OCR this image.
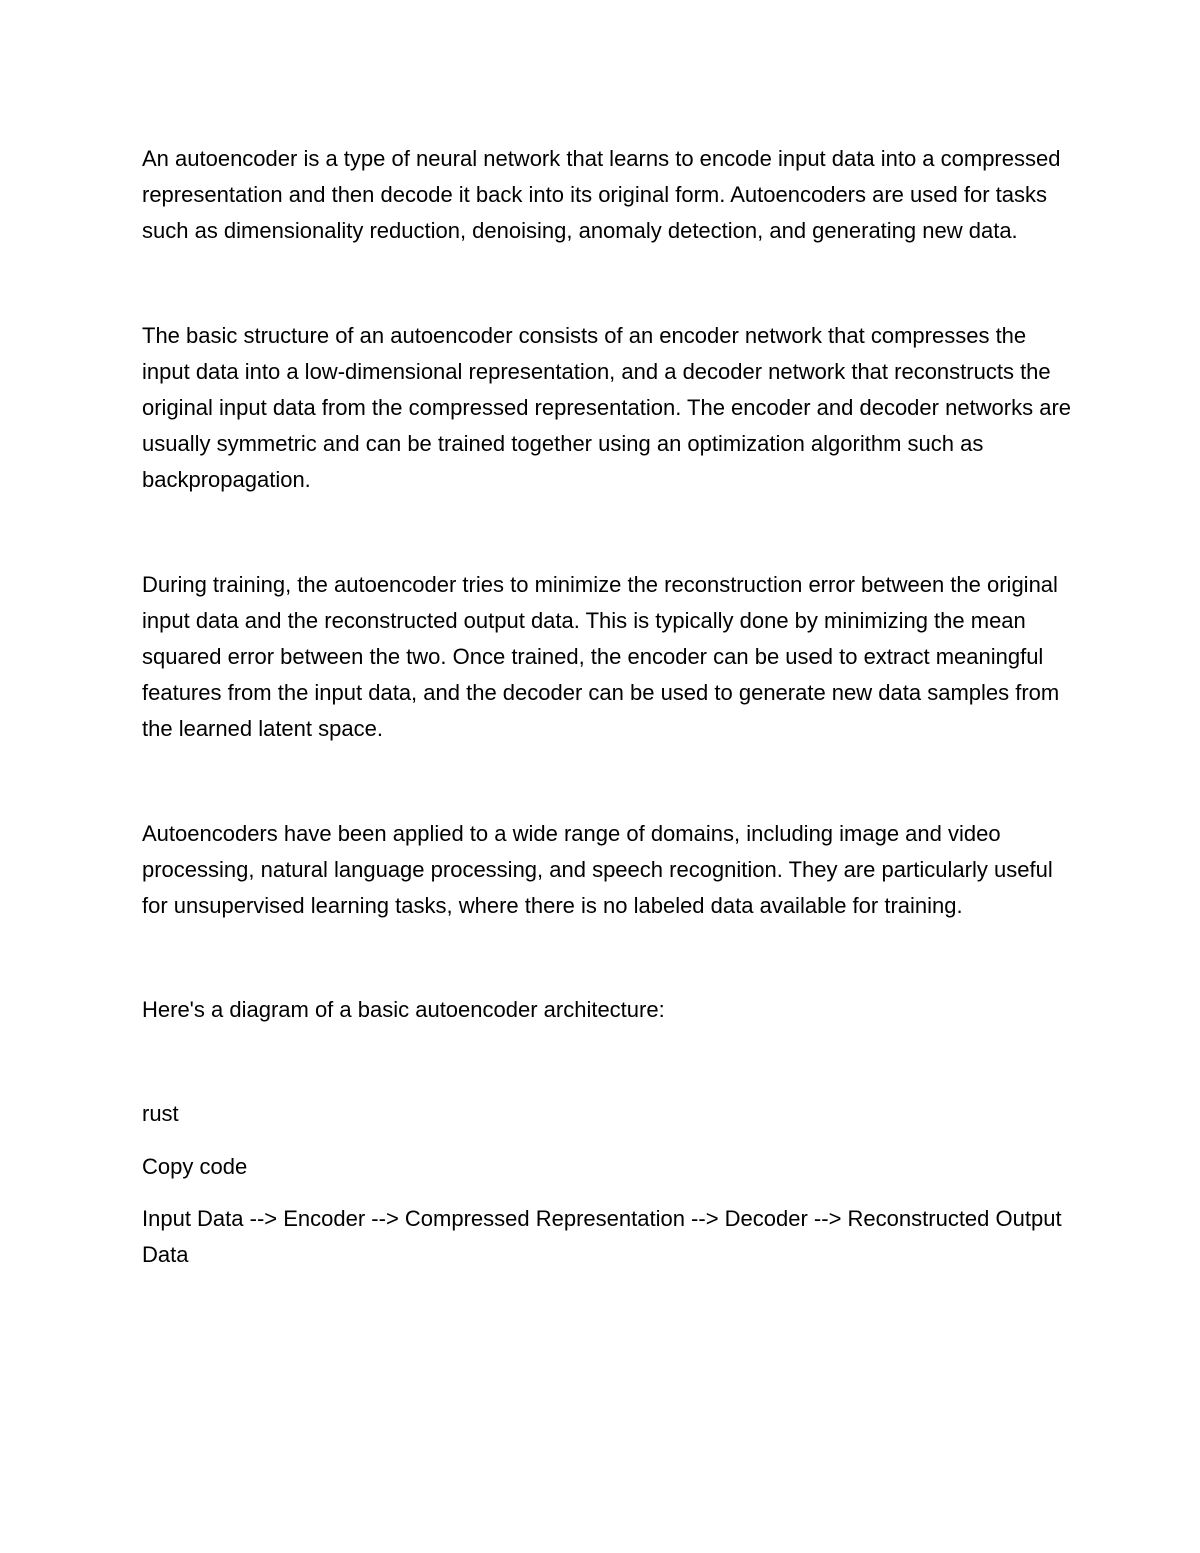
An autoencoder is a type of neural network that learns to encode input data into a compressed representation and then decode it back into its original form. Autoencoders are used for tasks such as dimensionality reduction, denoising, anomaly detection, and generating new data.

The basic structure of an autoencoder consists of an encoder network that compresses the input data into a low-dimensional representation, and a decoder network that reconstructs the original input data from the compressed representation. The encoder and decoder networks are usually symmetric and can be trained together using an optimization algorithm such as backpropagation.

During training, the autoencoder tries to minimize the reconstruction error between the original input data and the reconstructed output data. This is typically done by minimizing the mean squared error between the two. Once trained, the encoder can be used to extract meaningful features from the input data, and the decoder can be used to generate new data samples from the learned latent space.

Autoencoders have been applied to a wide range of domains, including image and video processing, natural language processing, and speech recognition. They are particularly useful for unsupervised learning tasks, where there is no labeled data available for training.

Here's a diagram of a basic autoencoder architecture:

rust

Copy code

Input Data --> Encoder --> Compressed Representation --> Decoder --> Reconstructed Output Data
